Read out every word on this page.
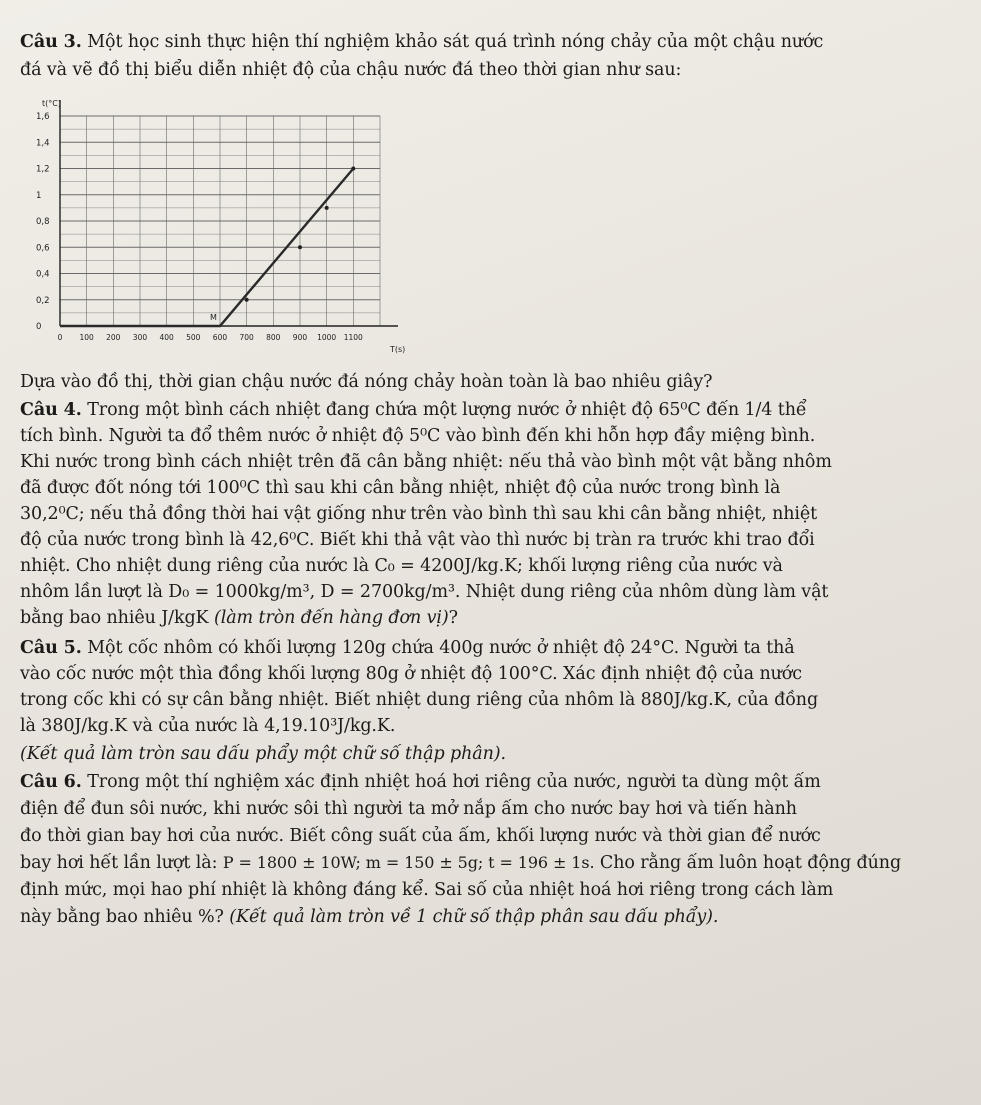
Câu 3. Một học sinh thực hiện thí nghiệm khảo sát quá trình nóng chảy của một chậu nước
đá và vẽ đồ thị biểu diễn nhiệt độ của chậu nước đá theo thời gian như sau:
1,6
1,4
1,2
1
0,8
0,6
0,4
0,2
0
0 100 200 300 400 500 600 700 800 900 1000 1100
t(°C)
T(s)
M
Dựa vào đồ thị, thời gian chậu nước đá nóng chảy hoàn toàn là bao nhiêu giây?
Câu 4. Trong một bình cách nhiệt đang chứa một lượng nước ở nhiệt độ 65⁰C đến 1/4 thể
tích bình. Người ta đổ thêm nước ở nhiệt độ 5⁰C vào bình đến khi hỗn hợp đầy miệng bình.
Khi nước trong bình cách nhiệt trên đã cân bằng nhiệt: nếu thả vào bình một vật bằng nhôm
đã được đốt nóng tới 100⁰C thì sau khi cân bằng nhiệt, nhiệt độ của nước trong bình là
30,2⁰C; nếu thả đồng thời hai vật giống như trên vào bình thì sau khi cân bằng nhiệt, nhiệt
độ của nước trong bình là 42,6⁰C. Biết khi thả vật vào thì nước bị tràn ra trước khi trao đổi
nhiệt. Cho nhiệt dung riêng của nước là C₀ = 4200J/kg.K; khối lượng riêng của nước và
nhôm lần lượt là D₀ = 1000kg/m³, D = 2700kg/m³. Nhiệt dung riêng của nhôm dùng làm vật
bằng bao nhiêu J/kgK (làm tròn đến hàng đơn vị)?
Câu 5. Một cốc nhôm có khối lượng 120g chứa 400g nước ở nhiệt độ 24°C. Người ta thả
vào cốc nước một thìa đồng khối lượng 80g ở nhiệt độ 100°C. Xác định nhiệt độ của nước
trong cốc khi có sự cân bằng nhiệt. Biết nhiệt dung riêng của nhôm là 880J/kg.K, của đồng
là 380J/kg.K và của nước là 4,19.10³J/kg.K.
(Kết quả làm tròn sau dấu phẩy một chữ số thập phân).
Câu 6. Trong một thí nghiệm xác định nhiệt hoá hơi riêng của nước, người ta dùng một ấm
điện để đun sôi nước, khi nước sôi thì người ta mở nắp ấm cho nước bay hơi và tiến hành
đo thời gian bay hơi của nước. Biết công suất của ấm, khối lượng nước và thời gian để nước
bay hơi hết lần lượt là: P = 1800 ± 10W; m = 150 ± 5g; t = 196 ± 1s. Cho rằng ấm luôn hoạt động đúng
định mức, mọi hao phí nhiệt là không đáng kể. Sai số của nhiệt hoá hơi riêng trong cách làm
này bằng bao nhiêu %? (Kết quả làm tròn về 1 chữ số thập phân sau dấu phẩy).
